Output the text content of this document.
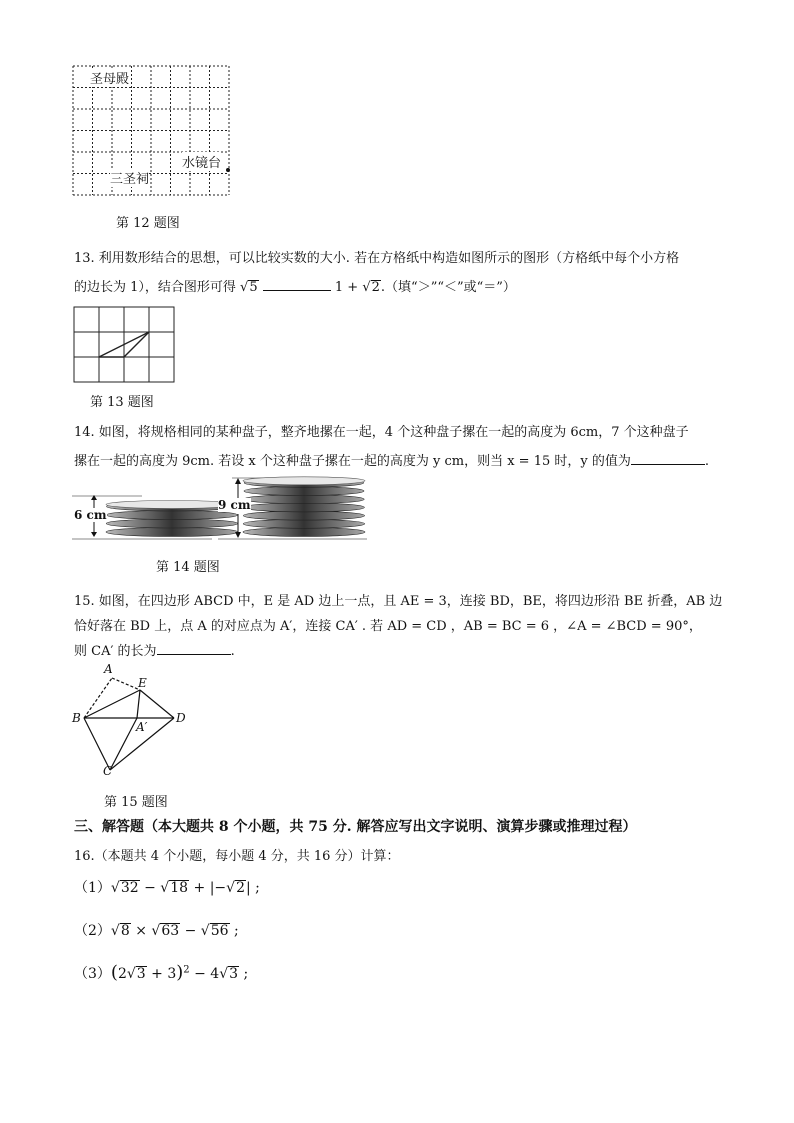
圣母殿
水镜台
三圣祠
第 12 题图
13. 利用数形结合的思想，可以比较实数的大小. 若在方格纸中构造如图所示的图形（方格纸中每个小方格
的边长为 1），结合图形可得 √5	1 + √2.（填“＞”“＜”或“＝”）
第 13 题图
14. 如图，将规格相同的某种盘子，整齐地摞在一起，4 个这种盘子摞在一起的高度为 6cm，7 个这种盘子
摞在一起的高度为 9cm. 若设 x 个这种盘子摞在一起的高度为 y cm，则当 x = 15 时，y 的值为	.
6 cm
9 cm
第 14 题图
15. 如图，在四边形 ABCD 中，E 是 AD 边上一点，且 AE = 3，连接 BD，BE，将四边形沿 BE 折叠，AB 边
恰好落在 BD 上，点 A 的对应点为 A′，连接 CA′ . 若 AD = CD ，AB = BC = 6 ，∠A = ∠BCD = 90°，
则 CA′ 的长为	.
A
E
B	D
A′
C
第 15 题图
三、解答题（本大题共 8 个小题，共 75 分. 解答应写出文字说明、演算步骤或推理过程）
16.（本题共 4 个小题，每小题 4 分，共 16 分）计算：
（1）√32 − √18 + |−√2| ;
（2）√8 × √63 − √56 ;
$(3)(2√3 + 3)^2 - 4√3$ ;
